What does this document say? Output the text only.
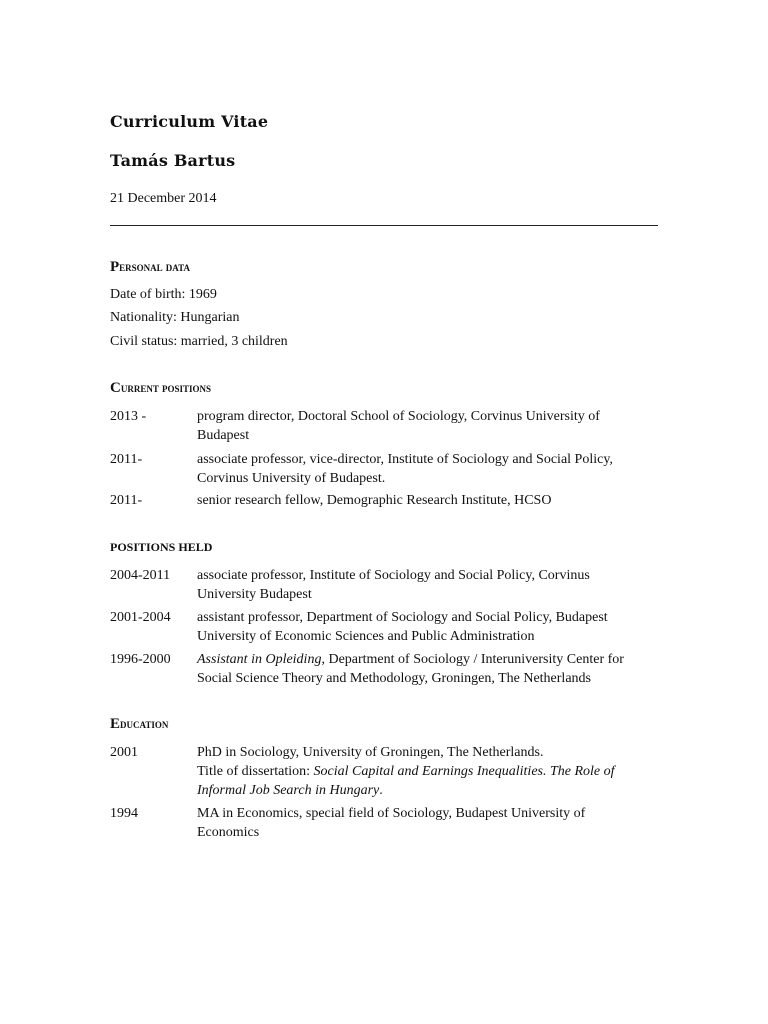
Curriculum Vitae
Tamás Bartus
21 December 2014
Personal data
Date of birth: 1969
Nationality: Hungarian
Civil status: married, 3 children
Current positions
2013 -	program director, Doctoral School of Sociology, Corvinus University of
Budapest
2011-	associate professor, vice-director, Institute of Sociology and Social Policy,
Corvinus University of Budapest.
2011-	senior research fellow, Demographic Research Institute, HCSO
POSITIONS HELD
2004-2011 associate professor, Institute of Sociology and Social Policy, Corvinus
University Budapest
2001-2004 assistant professor, Department of Sociology and Social Policy, Budapest
University of Economic Sciences and Public Administration
1996-2000 Assistant in Opleiding, Department of Sociology / Interuniversity Center for
Social Science Theory and Methodology, Groningen, The Netherlands
Education
2001	PhD in Sociology, University of Groningen, The Netherlands.
Title of dissertation: Social Capital and Earnings Inequalities. The Role of
Informal Job Search in Hungary.
1994	MA in Economics, special field of Sociology, Budapest University of
Economics
